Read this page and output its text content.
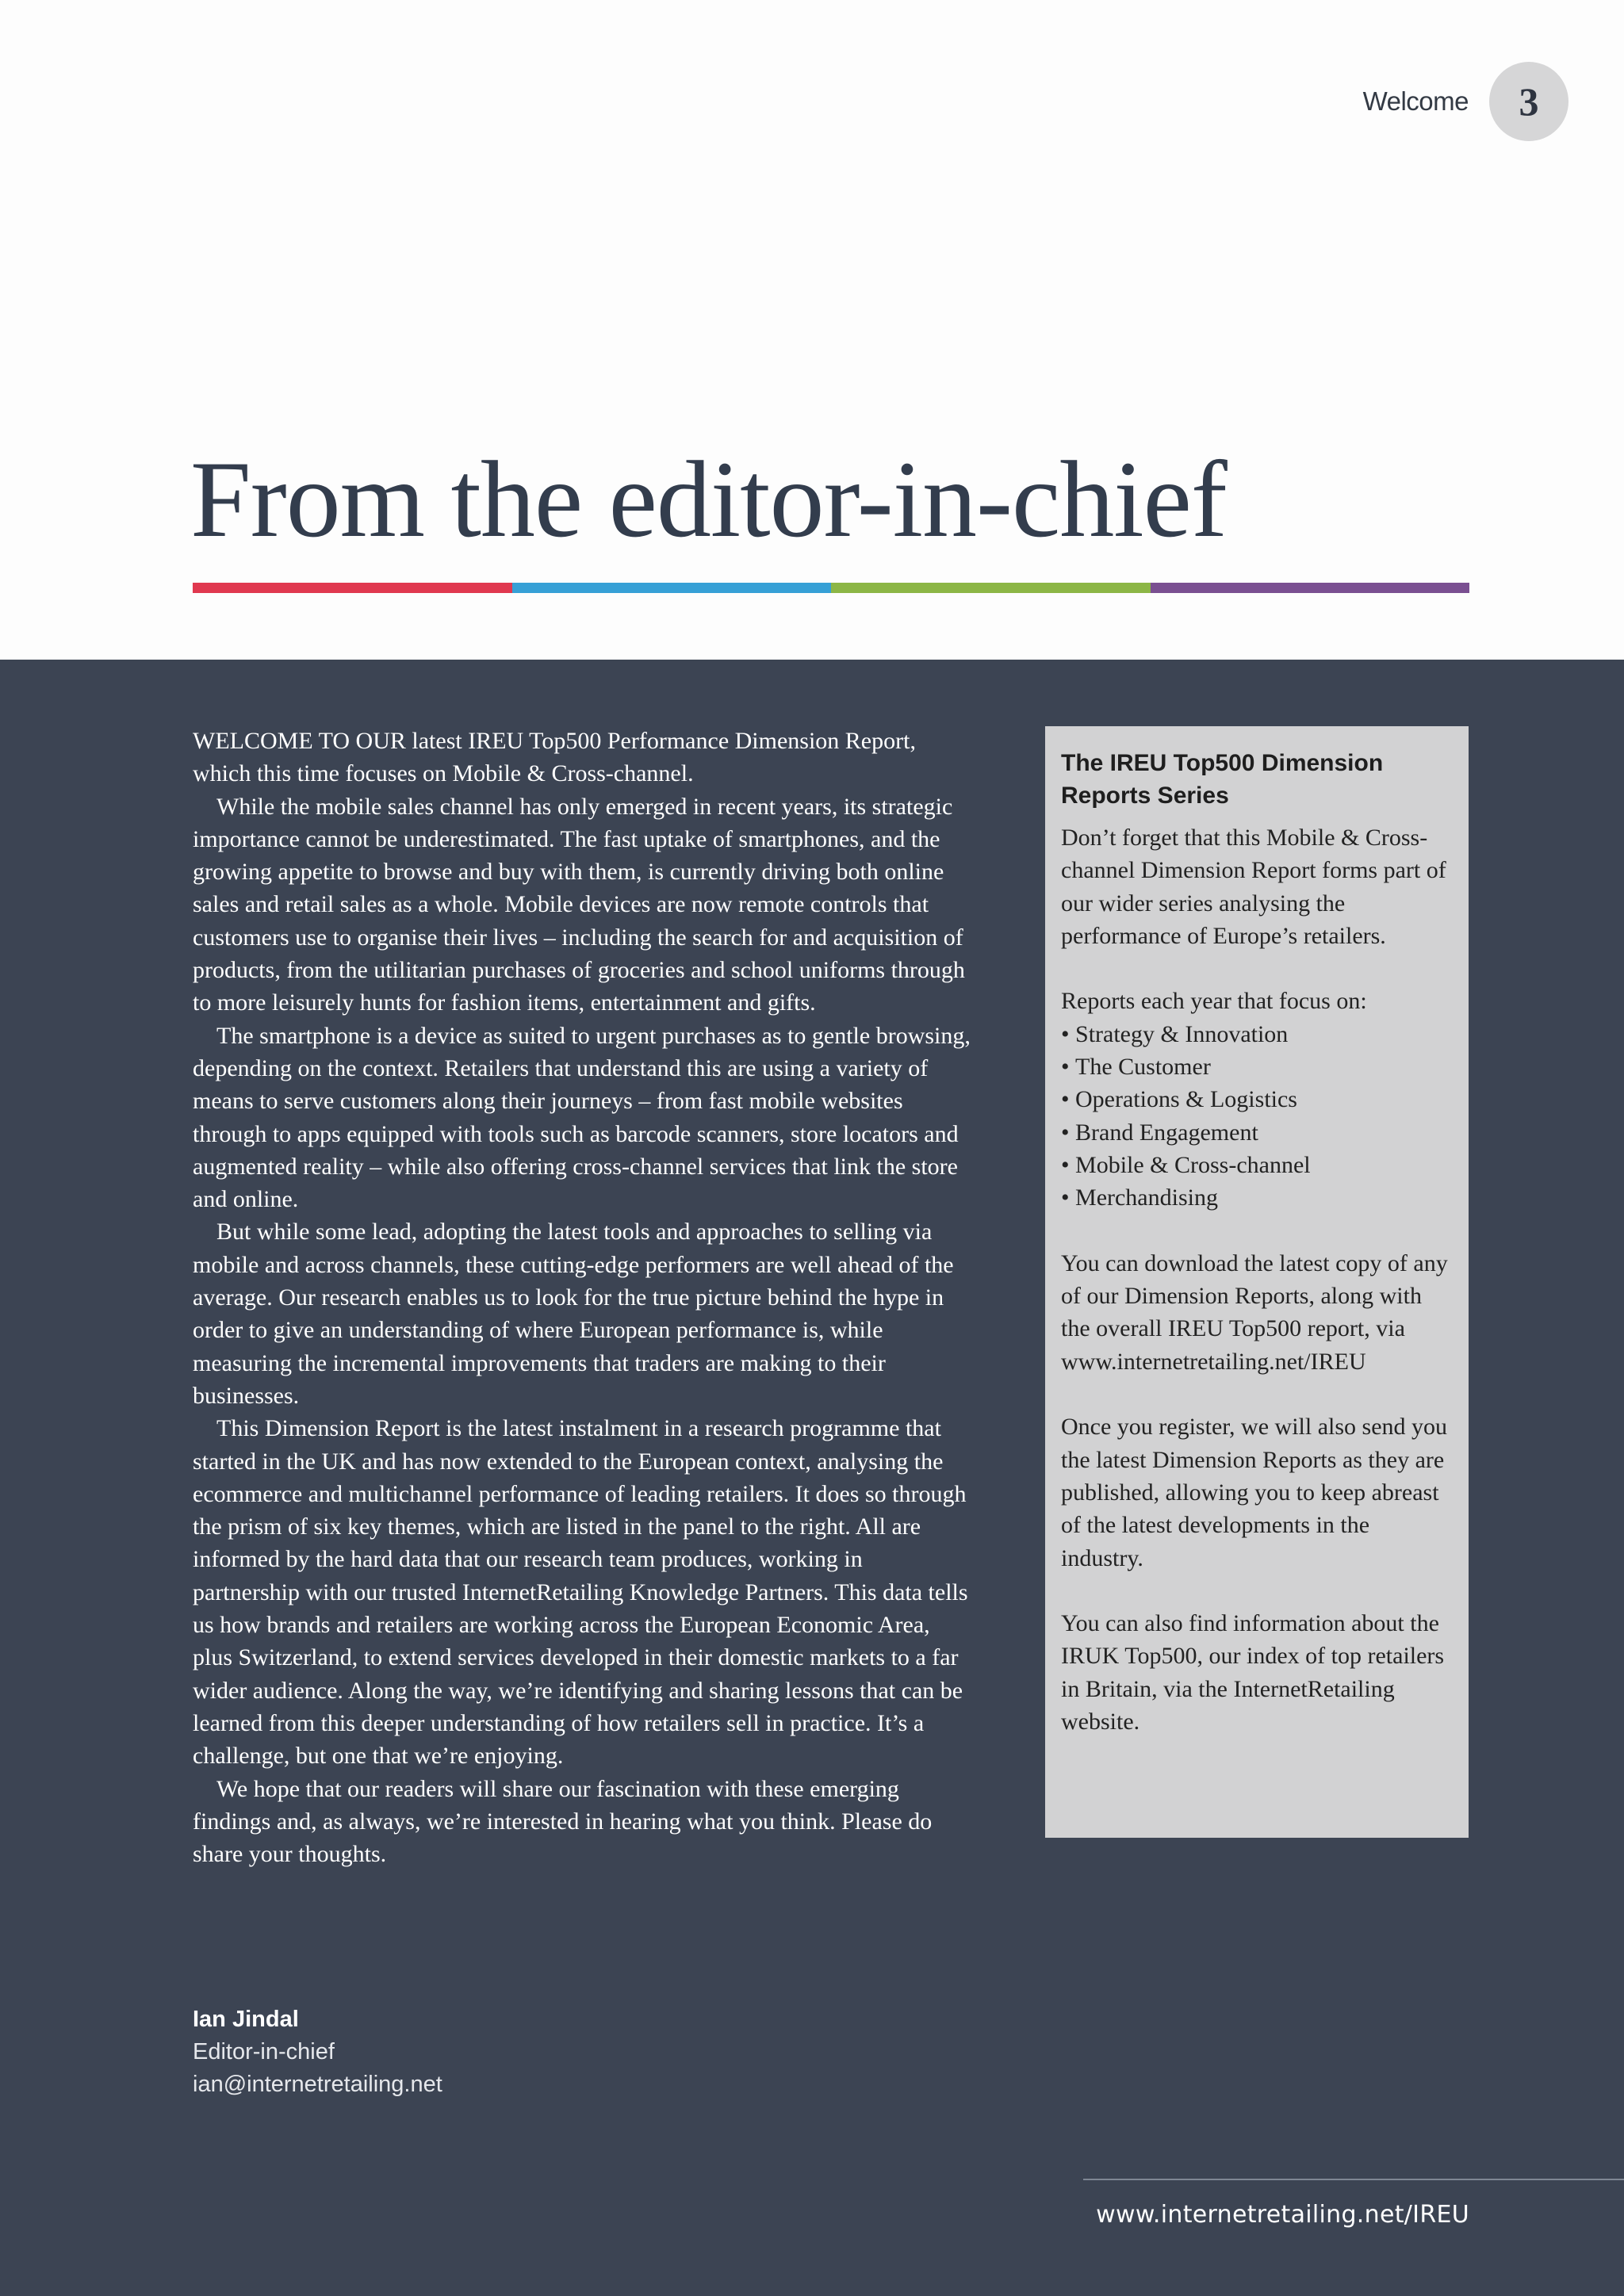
Welcome	3
From the editor-in-chief

WELCOME TO OUR latest IREU Top500 Performance Dimension Report, which this time focuses on Mobile & Cross-channel.

While the mobile sales channel has only emerged in recent years, its strategic importance cannot be underestimated. The fast uptake of smartphones, and the growing appetite to browse and buy with them, is currently driving both online sales and retail sales as a whole. Mobile devices are now remote controls that customers use to organise their lives – including the search for and acquisition of products, from the utilitarian purchases of groceries and school uniforms through to more leisurely hunts for fashion items, entertainment and gifts.

The smartphone is a device as suited to urgent purchases as to gentle browsing, depending on the context. Retailers that understand this are using a variety of means to serve customers along their journeys – from fast mobile websites through to apps equipped with tools such as barcode scanners, store locators and augmented reality – while also offering cross-channel services that link the store and online.

But while some lead, adopting the latest tools and approaches to selling via mobile and across channels, these cutting-edge performers are well ahead of the average. Our research enables us to look for the true picture behind the hype in order to give an understanding of where European performance is, while measuring the incremental improvements that traders are making to their businesses.

This Dimension Report is the latest instalment in a research programme that started in the UK and has now extended to the European context, analysing the ecommerce and multichannel performance of leading retailers. It does so through the prism of six key themes, which are listed in the panel to the right. All are informed by the hard data that our research team produces, working in partnership with our trusted InternetRetailing Knowledge Partners. This data tells us how brands and retailers are working across the European Economic Area, plus Switzerland, to extend services developed in their domestic markets to a far wider audience. Along the way, we’re identifying and sharing lessons that can be learned from this deeper understanding of how retailers sell in practice. It’s a challenge, but one that we’re enjoying.

We hope that our readers will share our fascination with these emerging findings and, as always, we’re interested in hearing what you think. Please do share your thoughts.

Ian Jindal
Editor-in-chief
ian@internetretailing.net
The IREU Top500 Dimension Reports Series

Don’t forget that this Mobile & Cross-channel Dimension Report forms part of our wider series analysing the performance of Europe’s retailers.

Reports each year that focus on:

• Strategy & Innovation
• The Customer
• Operations & Logistics
• Brand Engagement
• Mobile & Cross-channel
• Merchandising

You can download the latest copy of any of our Dimension Reports, along with the overall IREU Top500 report, via www.internetretailing.net/IREU

Once you register, we will also send you the latest Dimension Reports as they are published, allowing you to keep abreast of the latest developments in the industry.

You can also find information about the IRUK Top500, our index of top retailers in Britain, via the InternetRetailing website.

www.internetretailing.net/IREU
